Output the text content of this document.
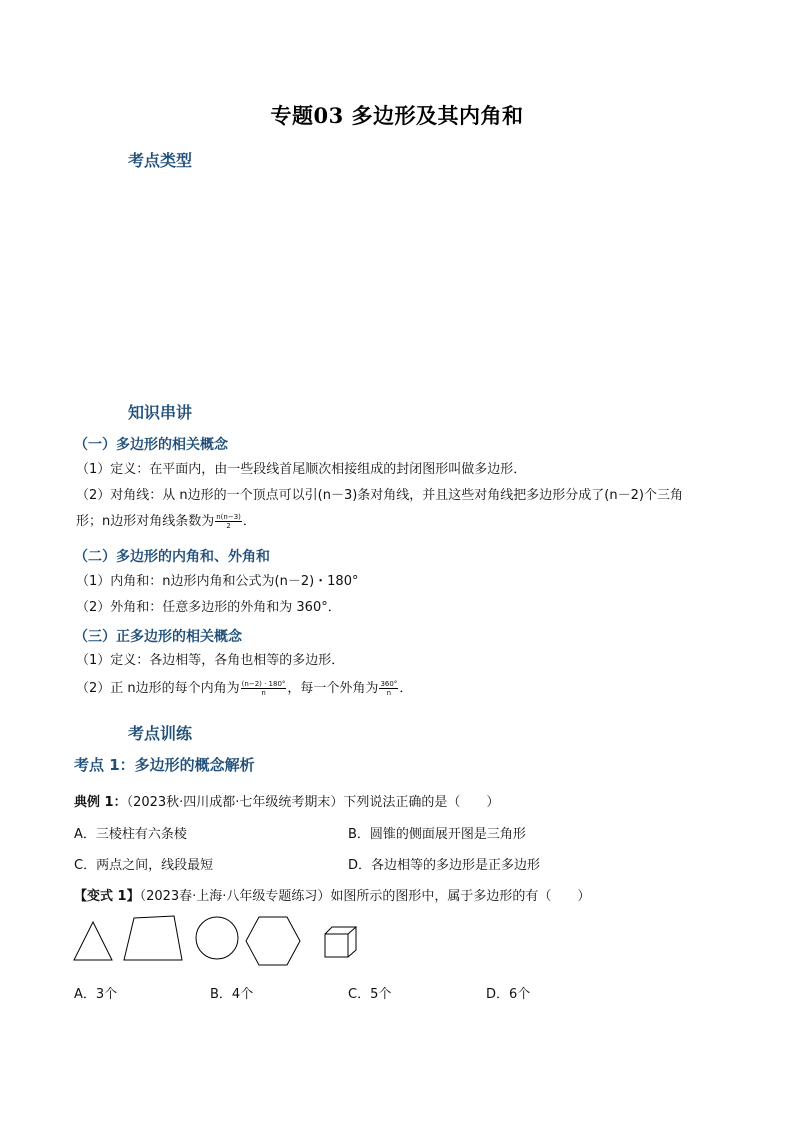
专题03 多边形及其内角和
考点类型
知识串讲
（一）多边形的相关概念
（1）定义：在平面内，由一些段线首尾顺次相接组成的封闭图形叫做多边形．
（2）对角线：从 n边形的一个顶点可以引(n－3)条对角线，并且这些对角线把多边形分成了(n－2)个三角
形；n边形对角线条数为 $\frac{n(n-3)}{2}$ ．
（二）多边形的内角和、外角和
（1）内角和：n边形内角和公式为(n－2)・180°
（2）外角和：任意多边形的外角和为 360°．
（三）正多边形的相关概念
（1）定义：各边相等，各角也相等的多边形．
（2）正 n边形的每个内角为 $\frac{(n-2) \cdot 180^\circ}{n}$ ，每一个外角为 $\frac{360^\circ}{n}$ ．
考点训练
考点 1：多边形的概念解析
典例 1：（2023秋·四川成都·七年级统考期末）下列说法正确的是（　　）
A．三棱柱有六条棱	B．圆锥的侧面展开图是三角形
C．两点之间，线段最短	D．各边相等的多边形是正多边形
【变式 1】（2023春·上海·八年级专题练习）如图所示的图形中，属于多边形的有（　　）
A．3个	B．4个	C．5个	D．6个
